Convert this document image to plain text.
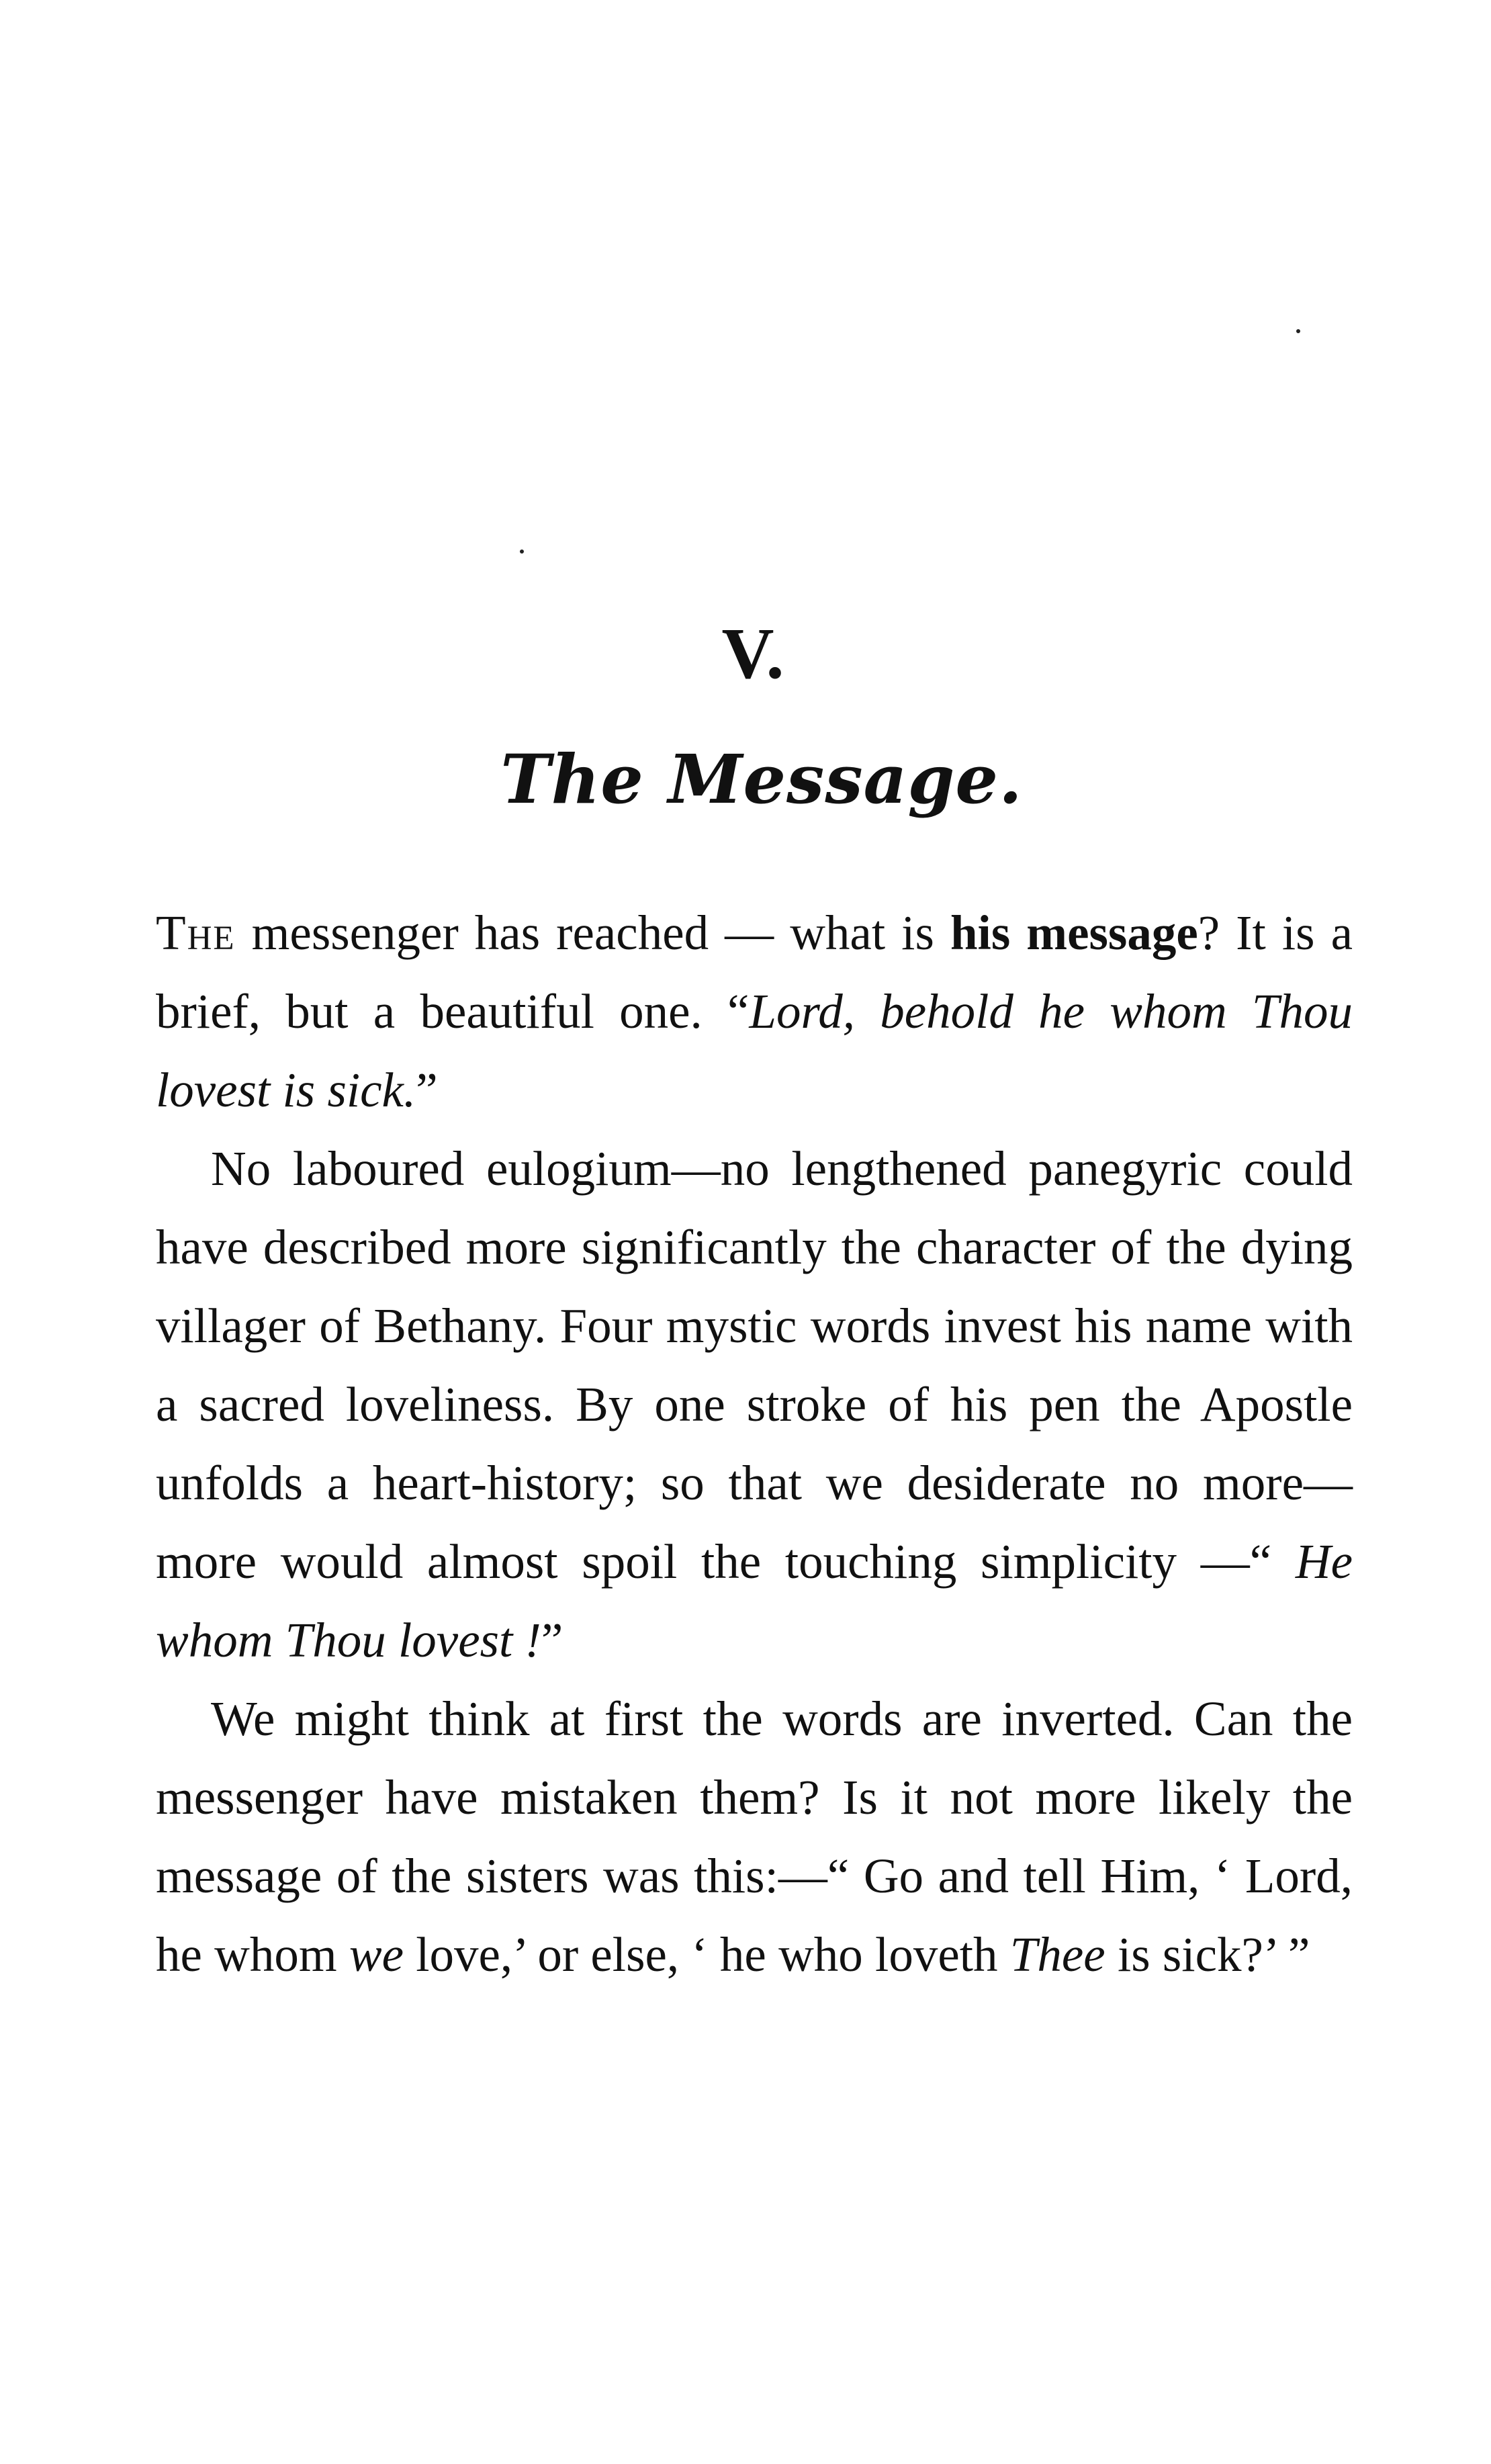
V.
The Message.

The messenger has reached — what is his message? It is a brief, but a beautiful one. “Lord, behold he whom Thou lovest is sick.”

No laboured eulogium—no lengthened panegyric could have described more significantly the character of the dying villager of Bethany. Four mystic words invest his name with a sacred loveliness. By one stroke of his pen the Apostle unfolds a heart-history; so that we desiderate no more—more would almost spoil the touching simplicity —“ He whom Thou lovest !”

We might think at first the words are inverted. Can the messenger have mistaken them? Is it not more likely the message of the sisters was this:—“ Go and tell Him, ‘ Lord, he whom we love,’ or else, ‘ he who loveth Thee is sick?’ ”
